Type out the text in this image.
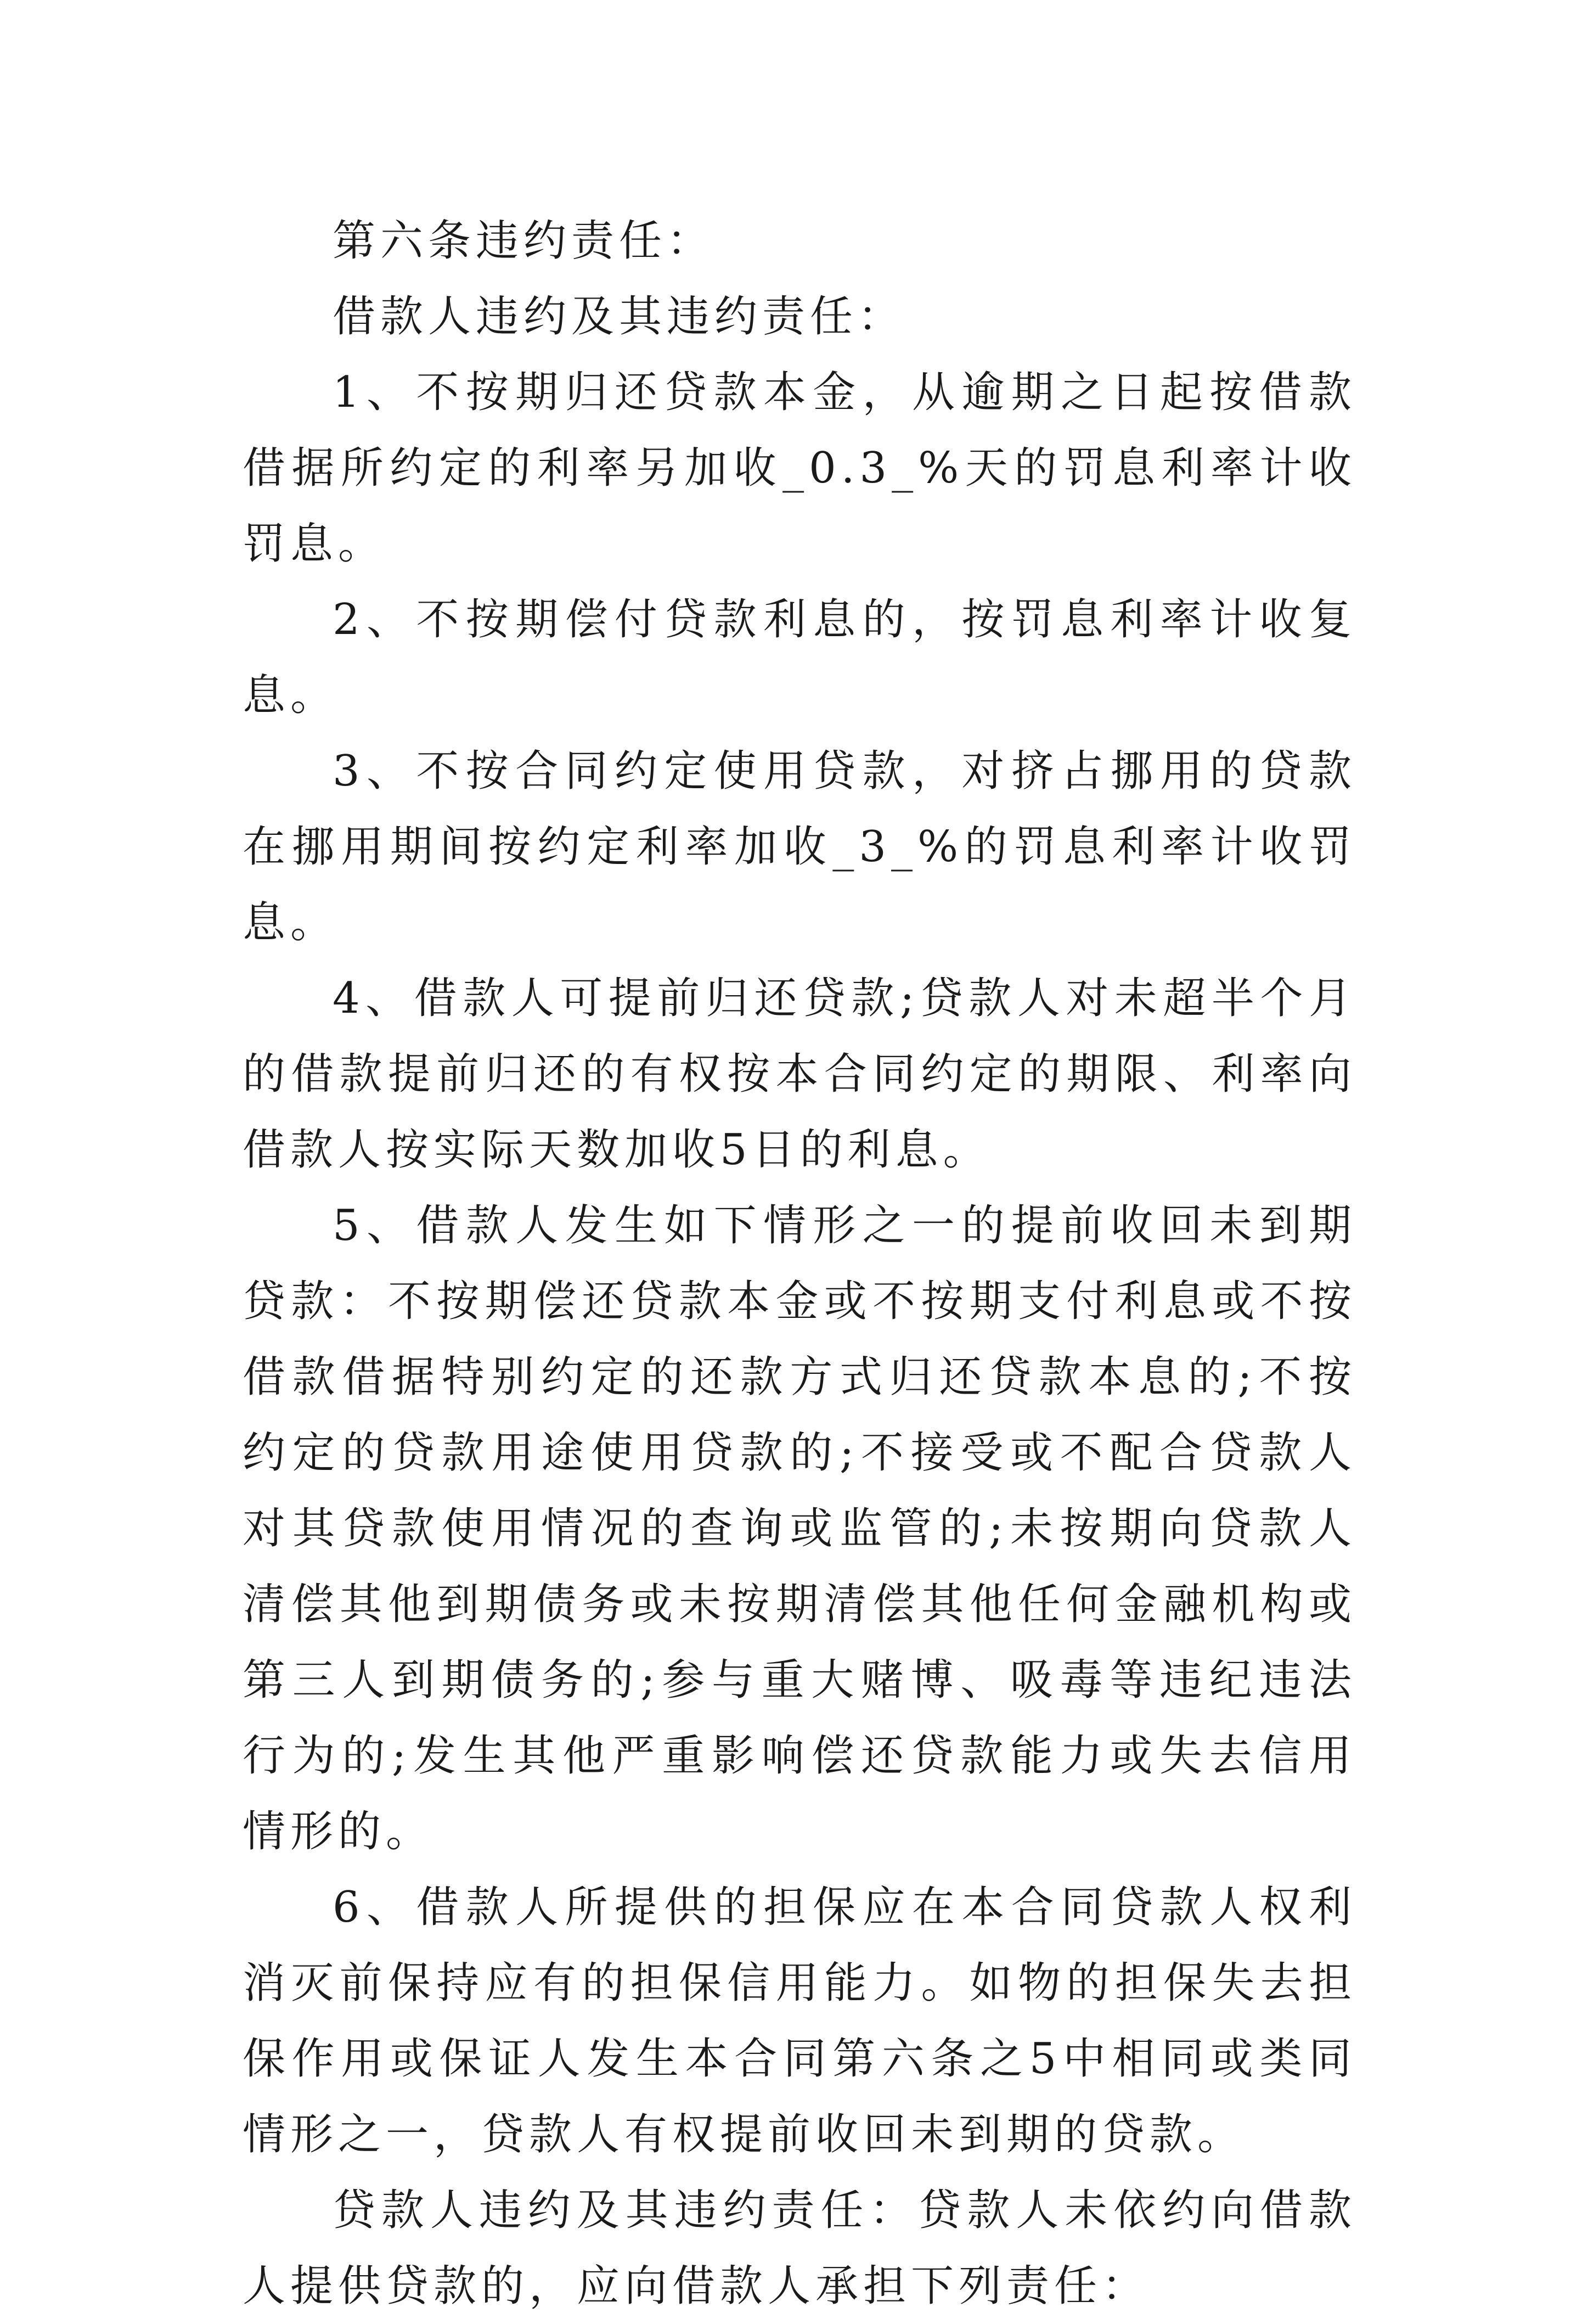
第六条违约责任：

借款人违约及其违约责任：

1、不按期归还贷款本金，从逾期之日起按借款借据所约定的利率另加收_0.3_%天的罚息利率计收罚息。

2、不按期偿付贷款利息的，按罚息利率计收复息。

3、不按合同约定使用贷款，对挤占挪用的贷款在挪用期间按约定利率加收_3_%的罚息利率计收罚息。

4、借款人可提前归还贷款;贷款人对未超半个月的借款提前归还的有权按本合同约定的期限、利率向借款人按实际天数加收5日的利息。

5、借款人发生如下情形之一的提前收回未到期贷款：不按期偿还贷款本金或不按期支付利息或不按借款借据特别约定的还款方式归还贷款本息的;不按约定的贷款用途使用贷款的;不接受或不配合贷款人对其贷款使用情况的查询或监管的;未按期向贷款人清偿其他到期债务或未按期清偿其他任何金融机构或第三人到期债务的;参与重大赌博、吸毒等违纪违法行为的;发生其他严重影响偿还贷款能力或失去信用情形的。

6、借款人所提供的担保应在本合同贷款人权利消灭前保持应有的担保信用能力。如物的担保失去担保作用或保证人发生本合同第六条之5中相同或类同情形之一，贷款人有权提前收回未到期的贷款。

贷款人违约及其违约责任：贷款人未依约向借款人提供贷款的，应向借款人承担下列责任：
